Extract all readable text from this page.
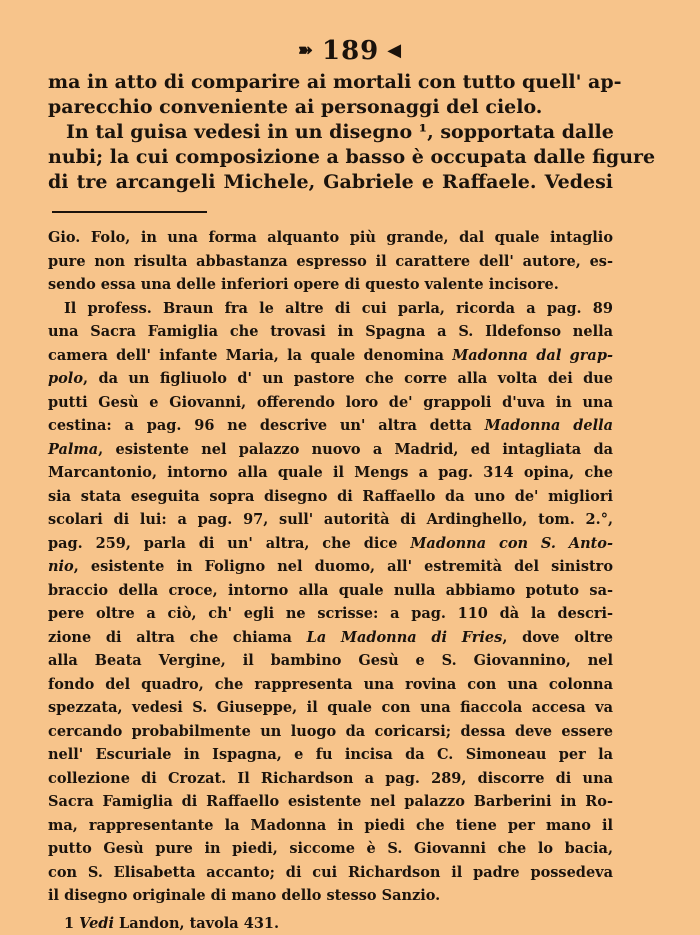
➽ 189 ◀
ma in atto di comparire ai mortali con tutto quell' ap-
parecchio conveniente ai personaggi del cielo.
In tal guisa vedesi in un disegno ¹, sopportata dalle
nubi; la cui composizione a basso è occupata dalle figure
di tre arcangeli Michele, Gabriele e Raffaele. Vedesi
Gio. Folo, in una forma alquanto più grande, dal quale intaglio
pure non risulta abbastanza espresso il carattere dell' autore, es-
sendo essa una delle inferiori opere di questo valente incisore.
Il profess. Braun fra le altre di cui parla, ricorda a pag. 89
una Sacra Famiglia che trovasi in Spagna a S. Ildefonso nella
camera dell' infante Maria, la quale denomina Madonna dal grap-
polo, da un figliuolo d' un pastore che corre alla volta dei due
putti Gesù e Giovanni, offerendo loro de' grappoli d'uva in una
cestina: a pag. 96 ne descrive un' altra detta Madonna della
Palma, esistente nel palazzo nuovo a Madrid, ed intagliata da
Marcantonio, intorno alla quale il Mengs a pag. 314 opina, che
sia stata eseguita sopra disegno di Raffaello da uno de' migliori
scolari di lui: a pag. 97, sull' autorità di Ardinghello, tom. 2.°,
pag. 259, parla di un' altra, che dice Madonna con S. Anto-
nio, esistente in Foligno nel duomo, all' estremità del sinistro
braccio della croce, intorno alla quale nulla abbiamo potuto sa-
pere oltre a ciò, ch' egli ne scrisse: a pag. 110 dà la descri-
zione di altra che chiama La Madonna di Fries, dove oltre
alla Beata Vergine, il bambino Gesù e S. Giovannino, nel
fondo del quadro, che rappresenta una rovina con una colonna
spezzata, vedesi S. Giuseppe, il quale con una fiaccola accesa va
cercando probabilmente un luogo da coricarsi; dessa deve essere
nell' Escuriale in Ispagna, e fu incisa da C. Simoneau per la
collezione di Crozat. Il Richardson a pag. 289, discorre di una
Sacra Famiglia di Raffaello esistente nel palazzo Barberini in Ro-
ma, rappresentante la Madonna in piedi che tiene per mano il
putto Gesù pure in piedi, siccome è S. Giovanni che lo bacia,
con S. Elisabetta accanto; di cui Richardson il padre possedeva
il disegno originale di mano dello stesso Sanzio.
1 Vedi Landon, tavola 431.
